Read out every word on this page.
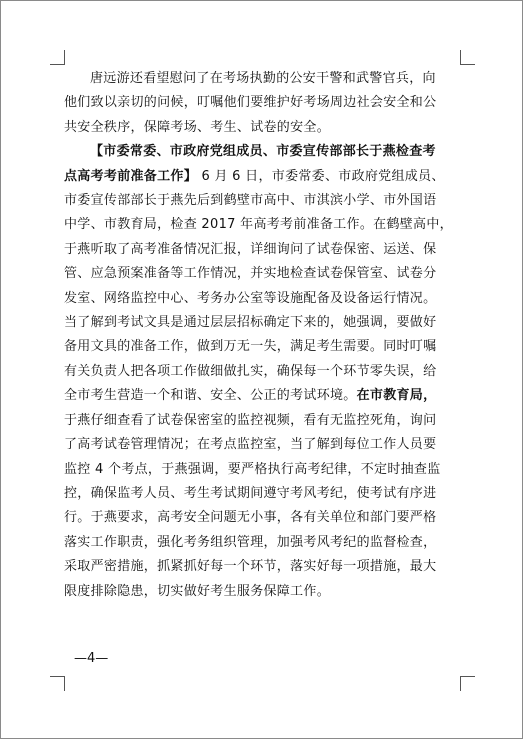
唐远游还看望慰问了在考场执勤的公安干警和武警官兵，向

他们致以亲切的问候，叮嘱他们要维护好考场周边社会安全和公
共安全秩序，保障考场、考生、试卷的安全。

【市委常委、市政府党组成员、市委宣传部部长于燕检查考

点高考考前准备工作】 6 月 6 日，市委常委、市政府党组成员、
市委宣传部部长于燕先后到鹤壁市高中、市淇滨小学、市外国语
中学、市教育局，检查 2017 年高考考前准备工作。在鹤壁高中，
于燕听取了高考准备情况汇报，详细询问了试卷保密、运送、保
管、应急预案准备等工作情况，并实地检查试卷保管室、试卷分
发室、网络监控中心、考务办公室等设施配备及设备运行情况。
当了解到考试文具是通过层层招标确定下来的，她强调，要做好
备用文具的准备工作，做到万无一失，满足考生需要。同时叮嘱
有关负责人把各项工作做细做扎实，确保每一个环节零失误，给
全市考生营造一个和谐、安全、公正的考试环境。在市教育局，
于燕仔细查看了试卷保密室的监控视频，看有无监控死角，询问
了高考试卷管理情况；在考点监控室，当了解到每位工作人员要
监控 4 个考点，于燕强调，要严格执行高考纪律，不定时抽查监
控，确保监考人员、考生考试期间遵守考风考纪，使考试有序进
行。于燕要求，高考安全问题无小事，各有关单位和部门要严格
落实工作职责，强化考务组织管理，加强考风考纪的监督检查，
采取严密措施，抓紧抓好每一个环节，落实好每一项措施，最大
限度排除隐患，切实做好考生服务保障工作。
—4—
